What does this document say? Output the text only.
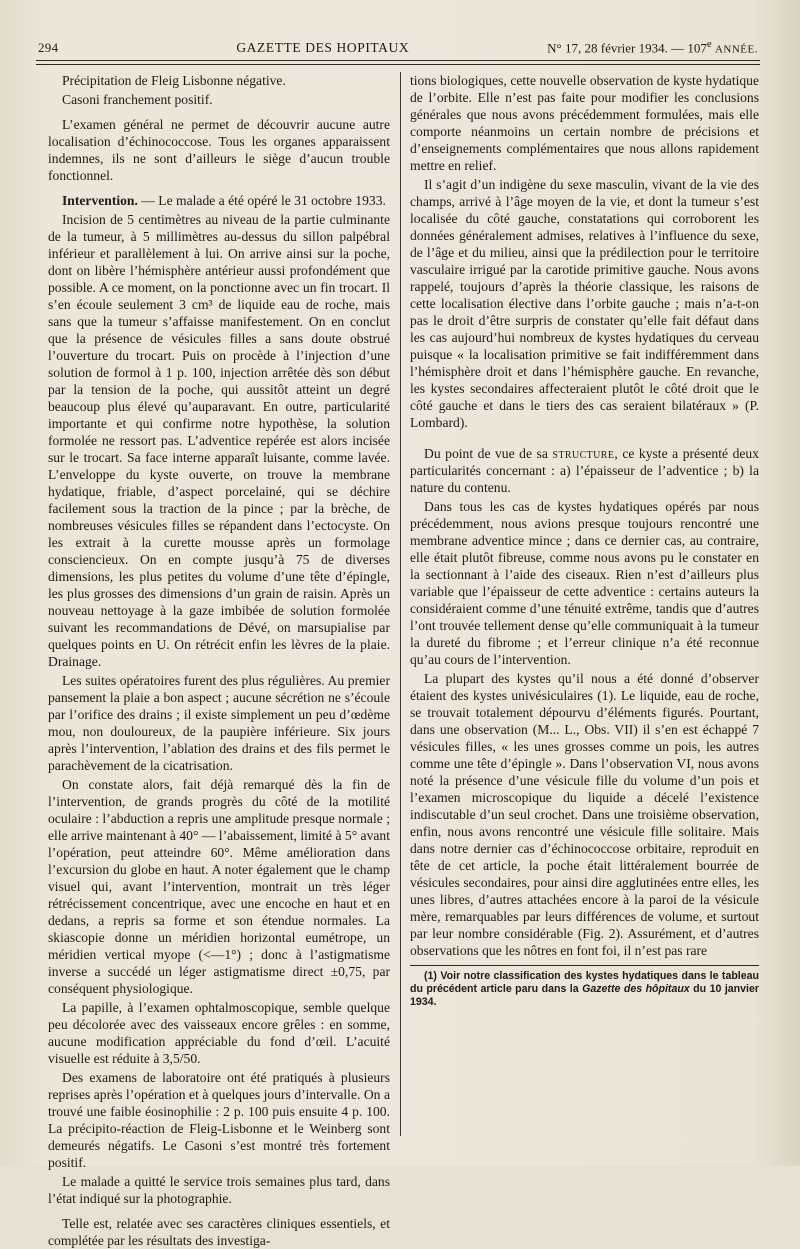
294	GAZETTE DES HOPITAUX	N° 17, 28 février 1934. — 107e ANNÉE.

Précipitation de Fleig Lisbonne négative.

Casoni franchement positif.

L’examen général ne permet de découvrir aucune autre localisation d’échinococcose. Tous les organes apparaissent indemnes, ils ne sont d’ailleurs le siège d’aucun trouble fonctionnel.

Intervention. — Le malade a été opéré le 31 octobre 1933.

Incision de 5 centimètres au niveau de la partie culminante de la tumeur, à 5 millimètres au-dessus du sillon palpébral inférieur et parallèlement à lui. On arrive ainsi sur la poche, dont on libère l’hémisphère antérieur aussi profondément que possible. A ce moment, on la ponctionne avec un fin trocart. Il s’en écoule seulement 3 cm³ de liquide eau de roche, mais sans que la tumeur s’affaisse manifestement. On en conclut que la présence de vésicules filles a sans doute obstrué l’ouverture du trocart. Puis on procède à l’injection d’une solution de formol à 1 p. 100, injection arrêtée dès son début par la tension de la poche, qui aussitôt atteint un degré beaucoup plus élevé qu’auparavant. En outre, particularité importante et qui confirme notre hypothèse, la solution formolée ne ressort pas. L’adventice repérée est alors incisée sur le trocart. Sa face interne apparaît luisante, comme lavée. L’enveloppe du kyste ouverte, on trouve la membrane hydatique, friable, d’aspect porcelainé, qui se déchire facilement sous la traction de la pince ; par la brèche, de nombreuses vésicules filles se répandent dans l’ectocyste. On les extrait à la curette mousse après un formolage consciencieux. On en compte jusqu’à 75 de diverses dimensions, les plus petites du volume d’une tête d’épingle, les plus grosses des dimensions d’un grain de raisin. Après un nouveau nettoyage à la gaze imbibée de solution formolée suivant les recommandations de Dévé, on marsupialise par quelques points en U. On rétrécit enfin les lèvres de la plaie. Drainage.

Les suites opératoires furent des plus régulières. Au premier pansement la plaie a bon aspect ; aucune sécrétion ne s’écoule par l’orifice des drains ; il existe simplement un peu d’œdème mou, non douloureux, de la paupière inférieure. Six jours après l’intervention, l’ablation des drains et des fils permet le parachèvement de la cicatrisation.

On constate alors, fait déjà remarqué dès la fin de l’intervention, de grands progrès du côté de la motilité oculaire : l’abduction a repris une amplitude presque normale ; elle arrive maintenant à 40° — l’abaissement, limité à 5° avant l’opération, peut atteindre 60°. Même amélioration dans l’excursion du globe en haut. A noter également que le champ visuel qui, avant l’intervention, montrait un très léger rétrécissement concentrique, avec une encoche en haut et en dedans, a repris sa forme et son étendue normales. La skiascopie donne un méridien horizontal eumétrope, un méridien vertical myope (<—1°) ; donc à l’astigmatisme inverse a succédé un léger astigmatisme direct ±0,75, par conséquent physiologique.

La papille, à l’examen ophtalmoscopique, semble quelque peu décolorée avec des vaisseaux encore grêles : en somme, aucune modification appréciable du fond d’œil. L’acuité visuelle est réduite à 3,5/50.

Des examens de laboratoire ont été pratiqués à plusieurs reprises après l’opération et à quelques jours d’intervalle. On a trouvé une faible éosinophilie : 2 p. 100 puis ensuite 4 p. 100. La précipito-réaction de Fleig-Lisbonne et le Weinberg sont demeurés négatifs. Le Casoni s’est montré très fortement positif.

Le malade a quitté le service trois semaines plus tard, dans l’état indiqué sur la photographie.

Telle est, relatée avec ses caractères cliniques essentiels, et complétée par les résultats des investiga-

tions biologiques, cette nouvelle observation de kyste hydatique de l’orbite. Elle n’est pas faite pour modifier les conclusions générales que nous avons précédemment formulées, mais elle comporte néanmoins un certain nombre de précisions et d’enseignements complémentaires que nous allons rapidement mettre en relief.

Il s’agit d’un indigène du sexe masculin, vivant de la vie des champs, arrivé à l’âge moyen de la vie, et dont la tumeur s’est localisée du côté gauche, constatations qui corroborent les données généralement admises, relatives à l’influence du sexe, de l’âge et du milieu, ainsi que la prédilection pour le territoire vasculaire irrigué par la carotide primitive gauche. Nous avons rappelé, toujours d’après la théorie classique, les raisons de cette localisation élective dans l’orbite gauche ; mais n’a-t-on pas le droit d’être surpris de constater qu’elle fait défaut dans les cas aujourd’hui nombreux de kystes hydatiques du cerveau puisque « la localisation primitive se fait indifféremment dans l’hémisphère droit et dans l’hémisphère gauche. En revanche, les kystes secondaires affecteraient plutôt le côté droit que le côté gauche et dans le tiers des cas seraient bilatéraux » (P. Lombard).

Du point de vue de sa structure, ce kyste a présenté deux particularités concernant : a) l’épaisseur de l’adventice ; b) la nature du contenu.

Dans tous les cas de kystes hydatiques opérés par nous précédemment, nous avions presque toujours rencontré une membrane adventice mince ; dans ce dernier cas, au contraire, elle était plutôt fibreuse, comme nous avons pu le constater en la sectionnant à l’aide des ciseaux. Rien n’est d’ailleurs plus variable que l’épaisseur de cette adventice : certains auteurs la considéraient comme d’une ténuité extrême, tandis que d’autres l’ont trouvée tellement dense qu’elle communiquait à la tumeur la dureté du fibrome ; et l’erreur clinique n’a été reconnue qu’au cours de l’intervention.

La plupart des kystes qu’il nous a été donné d’observer étaient des kystes univésiculaires (1). Le liquide, eau de roche, se trouvait totalement dépourvu d’éléments figurés. Pourtant, dans une observation (M... L., Obs. VII) il s’en est échappé 7 vésicules filles, « les unes grosses comme un pois, les autres comme une tête d’épingle ». Dans l’observation VI, nous avons noté la présence d’une vésicule fille du volume d’un pois et l’examen microscopique du liquide a décelé l’existence indiscutable d’un seul crochet. Dans une troisième observation, enfin, nous avons rencontré une vésicule fille solitaire. Mais dans notre dernier cas d’échinococcose orbitaire, reproduit en tête de cet article, la poche était littéralement bourrée de vésicules secondaires, pour ainsi dire agglutinées entre elles, les unes libres, d’autres attachées encore à la paroi de la vésicule mère, remarquables par leurs différences de volume, et surtout par leur nombre considérable (Fig. 2). Assurément, et d’autres observations que les nôtres en font foi, il n’est pas rare

(1) Voir notre classification des kystes hydatiques dans le tableau du précédent article paru dans la Gazette des hôpitaux du 10 janvier 1934.
